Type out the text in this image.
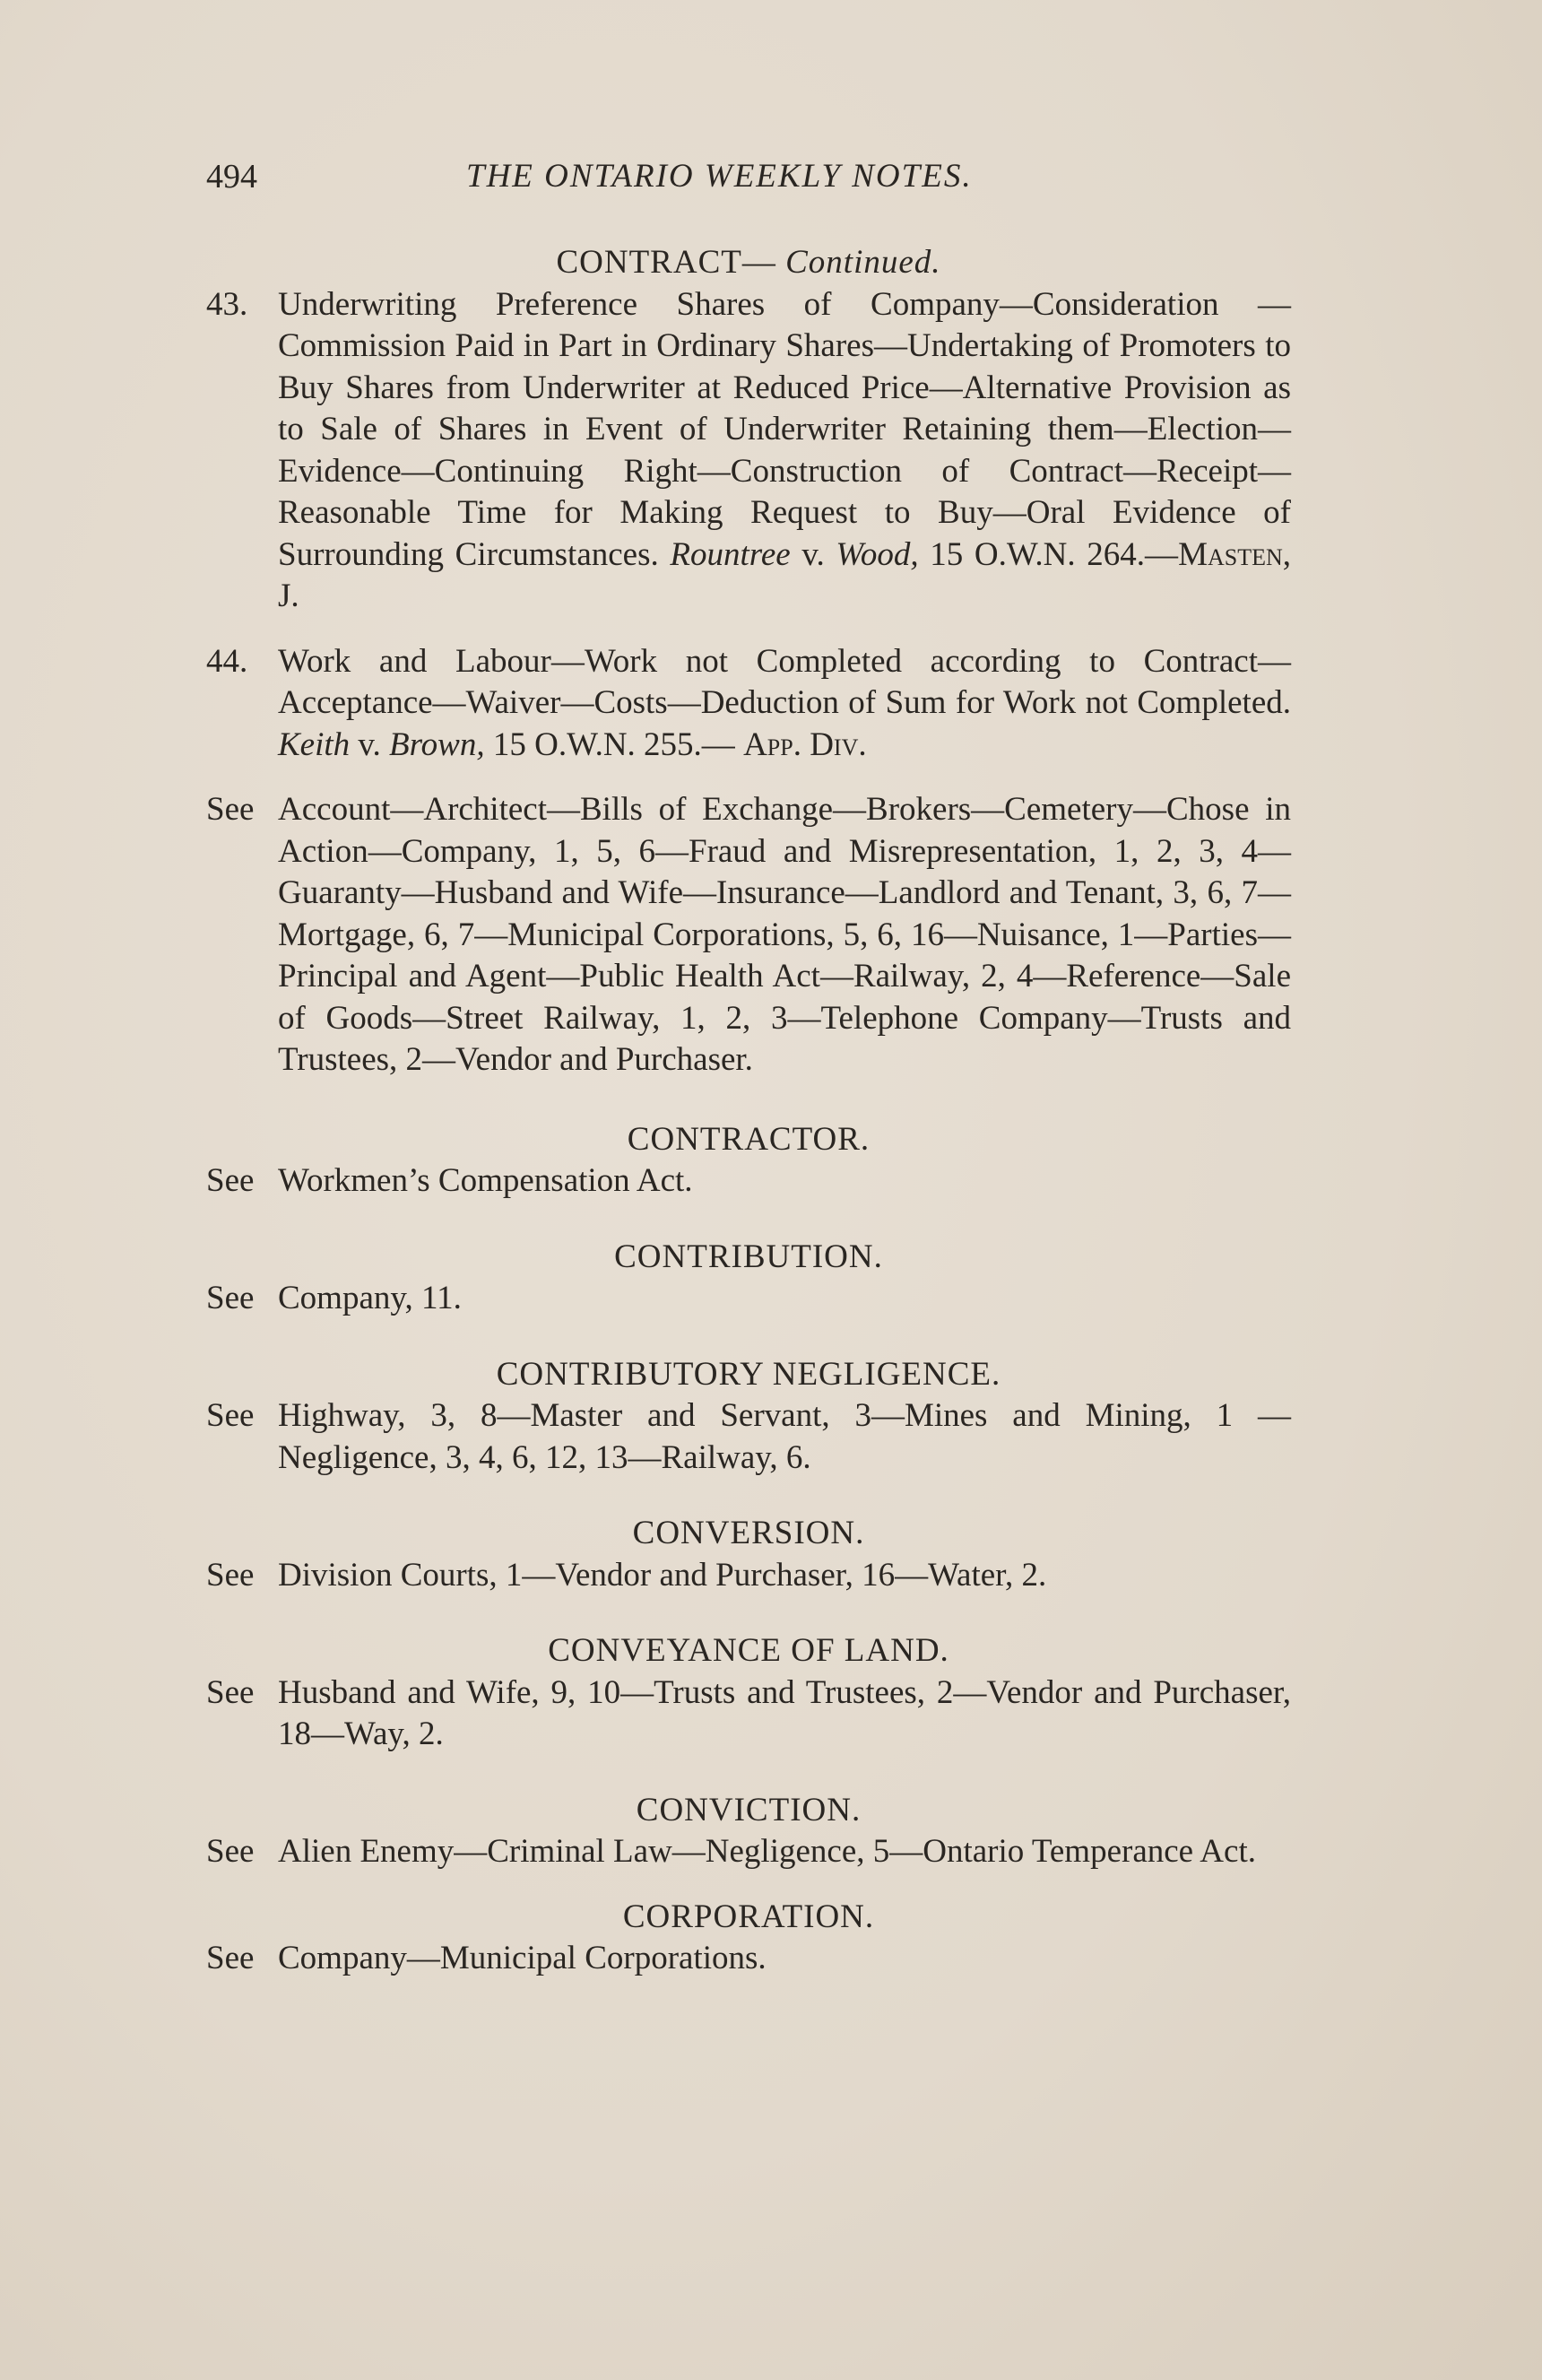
494	THE ONTARIO WEEKLY NOTES.

CONTRACT— Continued.

43. Underwriting Preference Shares of Company—Consideration —Commission Paid in Part in Ordinary Shares—Undertaking of Promoters to Buy Shares from Underwriter at Reduced Price—Alternative Provision as to Sale of Shares in Event of Underwriter Retaining them—Election—Evidence—Continuing Right—Construction of Contract—Receipt—Reasonable Time for Making Request to Buy—Oral Evidence of Surrounding Circumstances. Rountree v. Wood, 15 O.W.N. 264.—Masten, J.
44. Work and Labour—Work not Completed according to Contract—Acceptance—Waiver—Costs—Deduction of Sum for Work not Completed. Keith v. Brown, 15 O.W.N. 255.— App. Div.

See Account—Architect—Bills of Exchange—Brokers—Cemetery—Chose in Action—Company, 1, 5, 6—Fraud and Misrepresentation, 1, 2, 3, 4—Guaranty—Husband and Wife—Insurance—Landlord and Tenant, 3, 6, 7—Mortgage, 6, 7—Municipal Corporations, 5, 6, 16—Nuisance, 1—Parties—Principal and Agent—Public Health Act—Railway, 2, 4—Reference—Sale of Goods—Street Railway, 1, 2, 3—Telephone Company—Trusts and Trustees, 2—Vendor and Purchaser.

CONTRACTOR.

See Workmen’s Compensation Act.

CONTRIBUTION.

See Company, 11.

CONTRIBUTORY NEGLIGENCE.

See Highway, 3, 8—Master and Servant, 3—Mines and Mining, 1 —Negligence, 3, 4, 6, 12, 13—Railway, 6.

CONVERSION.

See Division Courts, 1—Vendor and Purchaser, 16—Water, 2.

CONVEYANCE OF LAND.

See Husband and Wife, 9, 10—Trusts and Trustees, 2—Vendor and Purchaser, 18—Way, 2.

CONVICTION.

See Alien Enemy—Criminal Law—Negligence, 5—Ontario Temperance Act.

CORPORATION.

See Company—Municipal Corporations.
